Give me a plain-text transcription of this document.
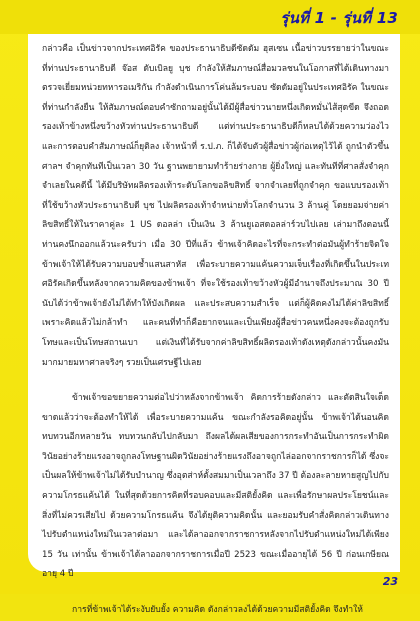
รุ่นที่ 1 - รุ่นที่ 13

กล่าวคือ เป็นข่าวจากประเทศอิรัค ของประธานาธิบดีซัดดัม ฮุสเซน เนื้อข่าวบรรยายว่าในขณะที่ท่านประธานาธิบดี จ๊อส ดับเบิลยู บุช กำลังให้สัมภาษณ์สื่อมวลชนในโอกาสที่ได้เดินทางมาตรวจเยี่ยมหน่วยทหารอเมริกัน กำลังดำเนินการโค่นล้มระบอบ ซัดดัมอยู่ในประเทศอิรัค ในขณะที่ท่านกำลังยืน ให้สัมภาษณ์ตอบคำซักถามอยู่นั้นได้มีผู้สื่อข่าวนายหนึ่งเกิดหมั่นไส้สุดขีด จึงถอดรองเท้าข้างหนึ่งขว้างหัวท่านประธานาธิบดี แต่ท่านประธานาธิบดีก็หลบได้ด้วยความว่องไว และการตอบคำสัมภาษณ์ก็ยุติลง เจ้าหน้าที่ ร.ป.ภ. ก็ได้จับตัวผู้สื่อข่าวผู้ก่อเหตุไว้ได้ ถูกนำตัวขึ้นศาลฯ จำคุกทันทีเป็นเวลา 30 วัน ฐานพยายามทำร้ายร่างกาย ผู้ยิ่งใหญ่ และทันทีที่ศาลสั่งจำคุก จำเลยในคดีนี้ ได้มีบริษัทผลิตรองเท้าระดับโลกขอลิขสิทธิ์ จากจำเลยที่ถูกจำคุก ขอแบบรองเท้าที่ใช้ขว้างหัวประธานาธิบดี บุช ไปผลิตรองเท้าจำหน่ายทั่วโลกจำนวน 3 ล้านคู่ โดยยอมจ่ายค่าลิขสิทธิ์ให้ในราคาคู่ละ 1 US ดอลล่า เป็นเงิน 3 ล้านยูเอสดอลล่าร์วบไปเลย เล่ามาถึงตอนนี้ท่านคงนึกออกแล้วนะครับว่า เมื่อ 30 ปีที่แล้ว ข้าพเจ้าคิดอะไรที่จะกระทำต่อมันผู้ทำร้ายจิตใจข้าพเจ้าให้ได้รับความบอบช้ำแสนสาหัส เพื่อระบายความแค้นความเจ็บเรื่องที่เกิดขึ้นในประเทศอิรัคเกิดขึ้นหลังจากความคิดของข้าพเจ้า ที่จะใช้รองเท้าขว้างหัวผู้มีอำนาจถึงประมาณ 30 ปี นับได้ว่าข้าพเจ้ายังไม่ได้ทำให้บังเกิดผล และประสบความสำเร็จ แต่ก็ผู้คิดคงไม่ได้ค่าลิขสิทธิ์เพราะคิดแล้วไม่กล้าทำ และคนที่ทำก็คือยากจนและเป็นเพียงผู้สื่อข่าวคนหนึ่งคงจะต้องถูกรับโทษและเป็นโทษสถานเบา แต่เงินที่ได้รับจากค่าลิขสิทธิ์ผลิตรองเท้าดังเหตุดังกล่าวนั้นคงมันมากมายมหาศาลจริงๆ รวยเป็นเศรษฐีไปเลย

ข้าพเจ้าขอขยายความต่อไปว่าหลังจากข้าพเจ้า คิดการร้ายดังกล่าว และตัดสินใจเด็ดขาดแล้วว่าจะต้องทำให้ได้ เพื่อระบายความแค้น ขณะกำลังรอคิดอยู่นั้น ข้าพเจ้าได้นอนคิดทบทวนอีกหลายวัน ทบทวนกลับไปกลับมา ถึงผลได้ผลเสียของการกระทำอันเป็นการกระทำผิดวินัยอย่างร้ายแรงอาจถูกลงโทษฐานผิดวินัยอย่างร้ายแรงถึงอาจถูกไล่ออกจากราชการก็ได้ ซึ่งจะเป็นผลให้ข้าพเจ้าไม่ได้รับบำนาญ ซึ่งอุตส่าห์ตั้งสมมาเป็นเวลาถึง 37 ปี ต้องละลายหายสูญไปกับความโกรธแค้นได้ ในที่สุดด้วยการคิดที่รอบคอบและมีสติยั้งคิด และเพื่อรักษาผลประโยชน์และสิ่งที่ไม่ควรเสียไป ด้วยความโกรธแค้น จึงได้ยุติความคิดนั้น และยอมรับคำสั่งคิดกล่าวเดินทางไปรับตำแหน่งใหม่ในเวลาต่อมา และได้ลาออกจากราชการหลังจากไปรับตำแหน่งใหม่ได้เพียง 15 วัน เท่านั้น ข้าพเจ้าได้ลาออกจากราชการเมื่อปี 2523 ขณะเมื่ออายุได้ 56 ปี ก่อนเกษียณอายุ 4 ปี

การที่ข้าพเจ้าได้ระงับยับยั้ง ความคิด ดังกล่าวลงได้ด้วยความมีสติยั้งคิด จึงทำให้

23
